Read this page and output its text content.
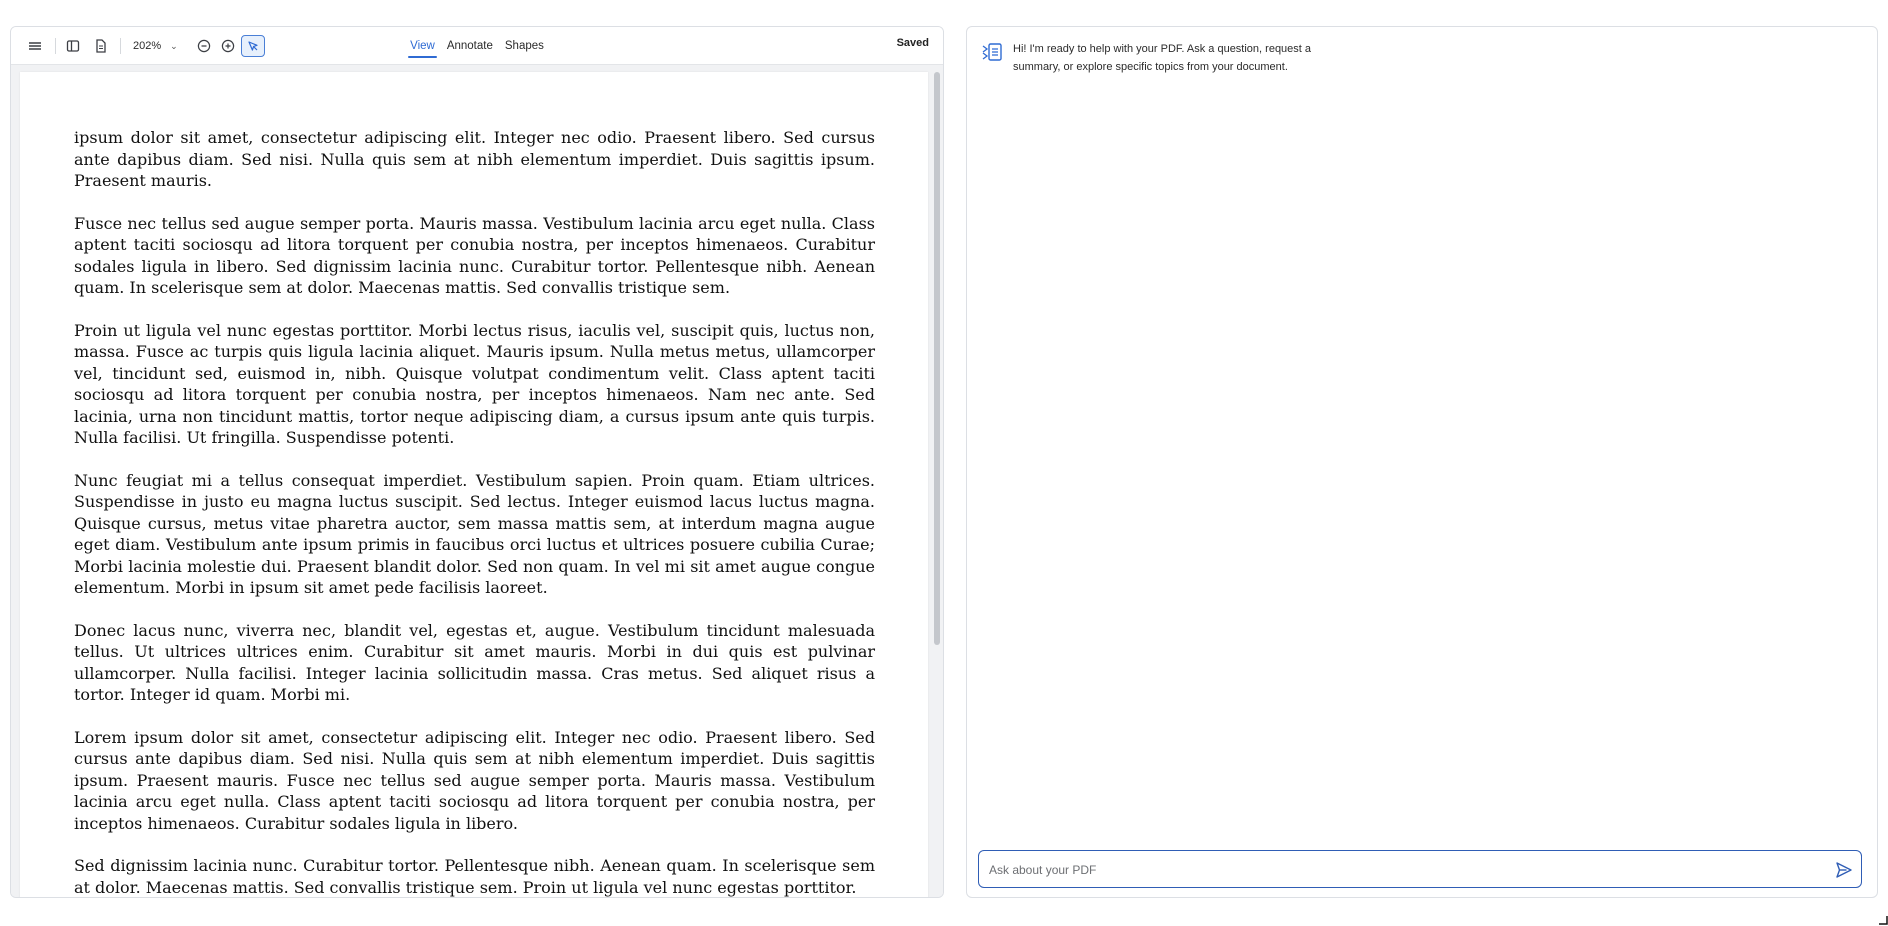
202% ⌄	View	Annotate	Shapes	Saved

ipsum dolor sit amet, consectetur adipiscing elit. Integer nec odio. Praesent libero. Sed cursus ante dapibus diam. Sed nisi. Nulla quis sem at nibh elementum imperdiet. Duis sagittis ipsum. Praesent mauris.

Fusce nec tellus sed augue semper porta. Mauris massa. Vestibulum lacinia arcu eget nulla. Class aptent taciti sociosqu ad litora torquent per conubia nostra, per inceptos himenaeos. Curabitur sodales ligula in libero. Sed dignissim lacinia nunc. Curabitur tortor. Pellentesque nibh. Aenean quam. In scelerisque sem at dolor. Maecenas mattis. Sed convallis tristique sem.

Proin ut ligula vel nunc egestas porttitor. Morbi lectus risus, iaculis vel, suscipit quis, luctus non, massa. Fusce ac turpis quis ligula lacinia aliquet. Mauris ipsum. Nulla metus metus, ullamcorper vel, tincidunt sed, euismod in, nibh. Quisque volutpat condimentum velit. Class aptent taciti sociosqu ad litora torquent per conubia nostra, per inceptos himenaeos. Nam nec ante. Sed lacinia, urna non tincidunt mattis, tortor neque adipiscing diam, a cursus ipsum ante quis turpis. Nulla facilisi. Ut fringilla. Suspendisse potenti.

Nunc feugiat mi a tellus consequat imperdiet. Vestibulum sapien. Proin quam. Etiam ultrices. Suspendisse in justo eu magna luctus suscipit. Sed lectus. Integer euismod lacus luctus magna. Quisque cursus, metus vitae pharetra auctor, sem massa mattis sem, at interdum magna augue eget diam. Vestibulum ante ipsum primis in faucibus orci luctus et ultrices posuere cubilia Curae; Morbi lacinia molestie dui. Praesent blandit dolor. Sed non quam. In vel mi sit amet augue congue elementum. Morbi in ipsum sit amet pede facilisis laoreet.

Donec lacus nunc, viverra nec, blandit vel, egestas et, augue. Vestibulum tincidunt malesuada tellus. Ut ultrices ultrices enim. Curabitur sit amet mauris. Morbi in dui quis est pulvinar ullamcorper. Nulla facilisi. Integer lacinia sollicitudin massa. Cras metus. Sed aliquet risus a tortor. Integer id quam. Morbi mi.

Lorem ipsum dolor sit amet, consectetur adipiscing elit. Integer nec odio. Praesent libero. Sed cursus ante dapibus diam. Sed nisi. Nulla quis sem at nibh elementum imperdiet. Duis sagittis ipsum. Praesent mauris. Fusce nec tellus sed augue semper porta. Mauris massa. Vestibulum lacinia arcu eget nulla. Class aptent taciti sociosqu ad litora torquent per conubia nostra, per inceptos himenaeos. Curabitur sodales ligula in libero.

Sed dignissim lacinia nunc. Curabitur tortor. Pellentesque nibh. Aenean quam. In scelerisque sem at dolor. Maecenas mattis. Sed convallis tristique sem. Proin ut ligula vel nunc egestas porttitor.

Hi! I'm ready to help with your PDF. Ask a question, request a summary, or explore specific topics from your document.
Ask about your PDF
